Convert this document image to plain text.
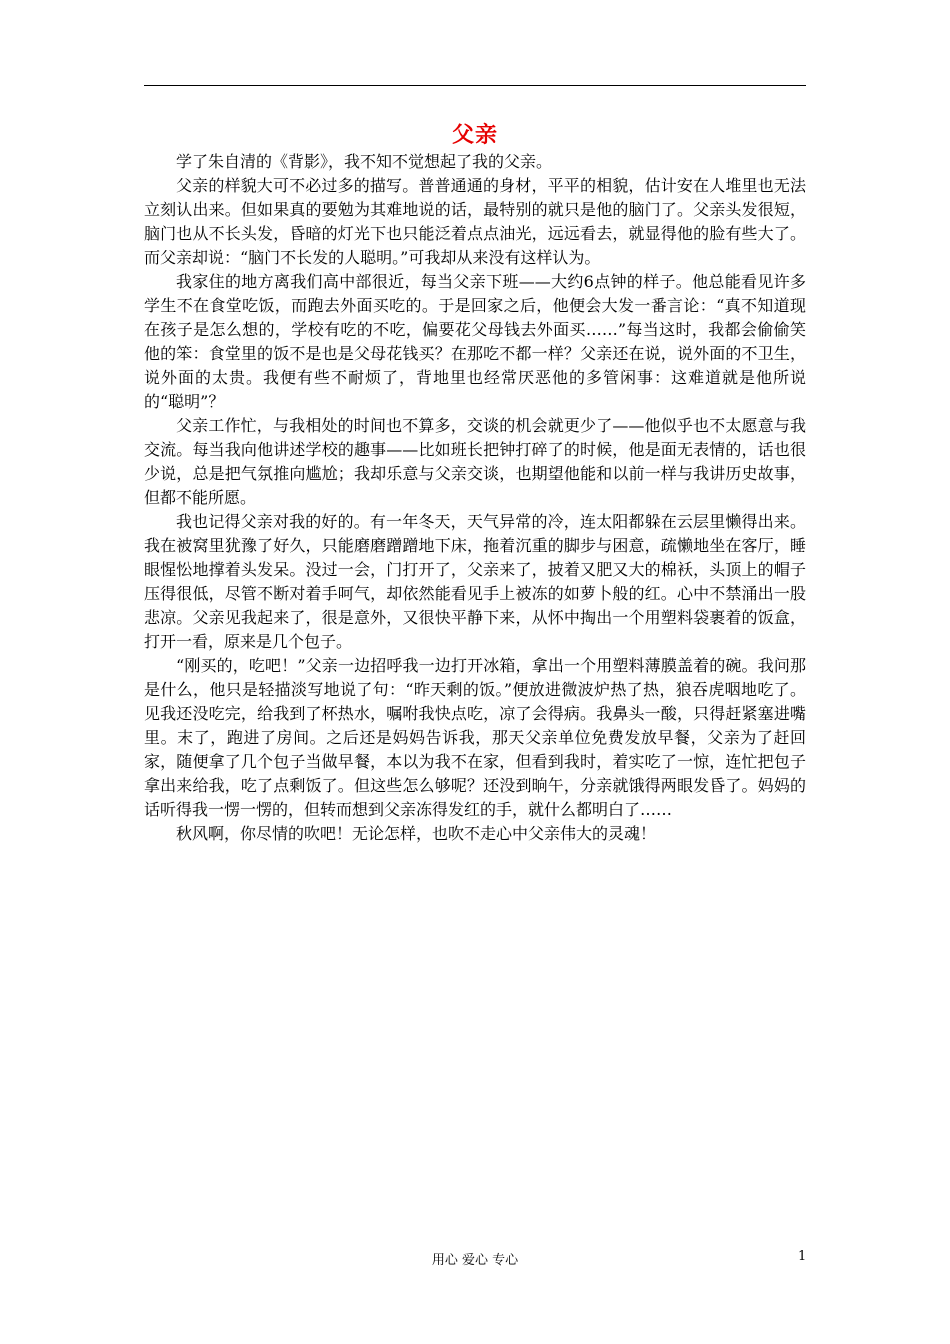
父亲

学了朱自清的《背影》，我不知不觉想起了我的父亲。

父亲的样貌大可不必过多的描写。普普通通的身材，平平的相貌，估计安在人堆里也无法立刻认出来。但如果真的要勉为其难地说的话，最特别的就只是他的脑门了。父亲头发很短，脑门也从不长头发，昏暗的灯光下也只能泛着点点油光，远远看去，就显得他的脸有些大了。而父亲却说：“脑门不长发的人聪明。”可我却从来没有这样认为。

我家住的地方离我们高中部很近，每当父亲下班——大约6点钟的样子。他总能看见许多学生不在食堂吃饭，而跑去外面买吃的。于是回家之后，他便会大发一番言论：“真不知道现在孩子是怎么想的，学校有吃的不吃，偏要花父母钱去外面买……”每当这时，我都会偷偷笑他的笨：食堂里的饭不是也是父母花钱买？在那吃不都一样？父亲还在说，说外面的不卫生，说外面的太贵。我便有些不耐烦了，背地里也经常厌恶他的多管闲事：这难道就是他所说的“聪明”？

父亲工作忙，与我相处的时间也不算多，交谈的机会就更少了——他似乎也不太愿意与我交流。每当我向他讲述学校的趣事——比如班长把钟打碎了的时候，他是面无表情的，话也很少说，总是把气氛推向尴尬；我却乐意与父亲交谈，也期望他能和以前一样与我讲历史故事，但都不能所愿。

我也记得父亲对我的好的。有一年冬天，天气异常的冷，连太阳都躲在云层里懒得出来。我在被窝里犹豫了好久，只能磨磨蹭蹭地下床，拖着沉重的脚步与困意，疏懒地坐在客厅，睡眼惺忪地撑着头发呆。没过一会，门打开了，父亲来了，披着又肥又大的棉袄，头顶上的帽子压得很低，尽管不断对着手呵气，却依然能看见手上被冻的如萝卜般的红。心中不禁涌出一股悲凉。父亲见我起来了，很是意外，又很快平静下来，从怀中掏出一个用塑料袋裹着的饭盒，打开一看，原来是几个包子。

“刚买的，吃吧！”父亲一边招呼我一边打开冰箱，拿出一个用塑料薄膜盖着的碗。我问那是什么，他只是轻描淡写地说了句：“昨天剩的饭。”便放进微波炉热了热，狼吞虎咽地吃了。见我还没吃完，给我到了杯热水，嘱咐我快点吃，凉了会得病。我鼻头一酸，只得赶紧塞进嘴里。末了，跑进了房间。之后还是妈妈告诉我，那天父亲单位免费发放早餐，父亲为了赶回家，随便拿了几个包子当做早餐，本以为我不在家，但看到我时，着实吃了一惊，连忙把包子拿出来给我，吃了点剩饭了。但这些怎么够呢？还没到晌午，分亲就饿得两眼发昏了。妈妈的话听得我一愣一愣的，但转而想到父亲冻得发红的手，就什么都明白了……

秋风啊，你尽情的吹吧！无论怎样，也吹不走心中父亲伟大的灵魂！

用心 爱心 专心	1
